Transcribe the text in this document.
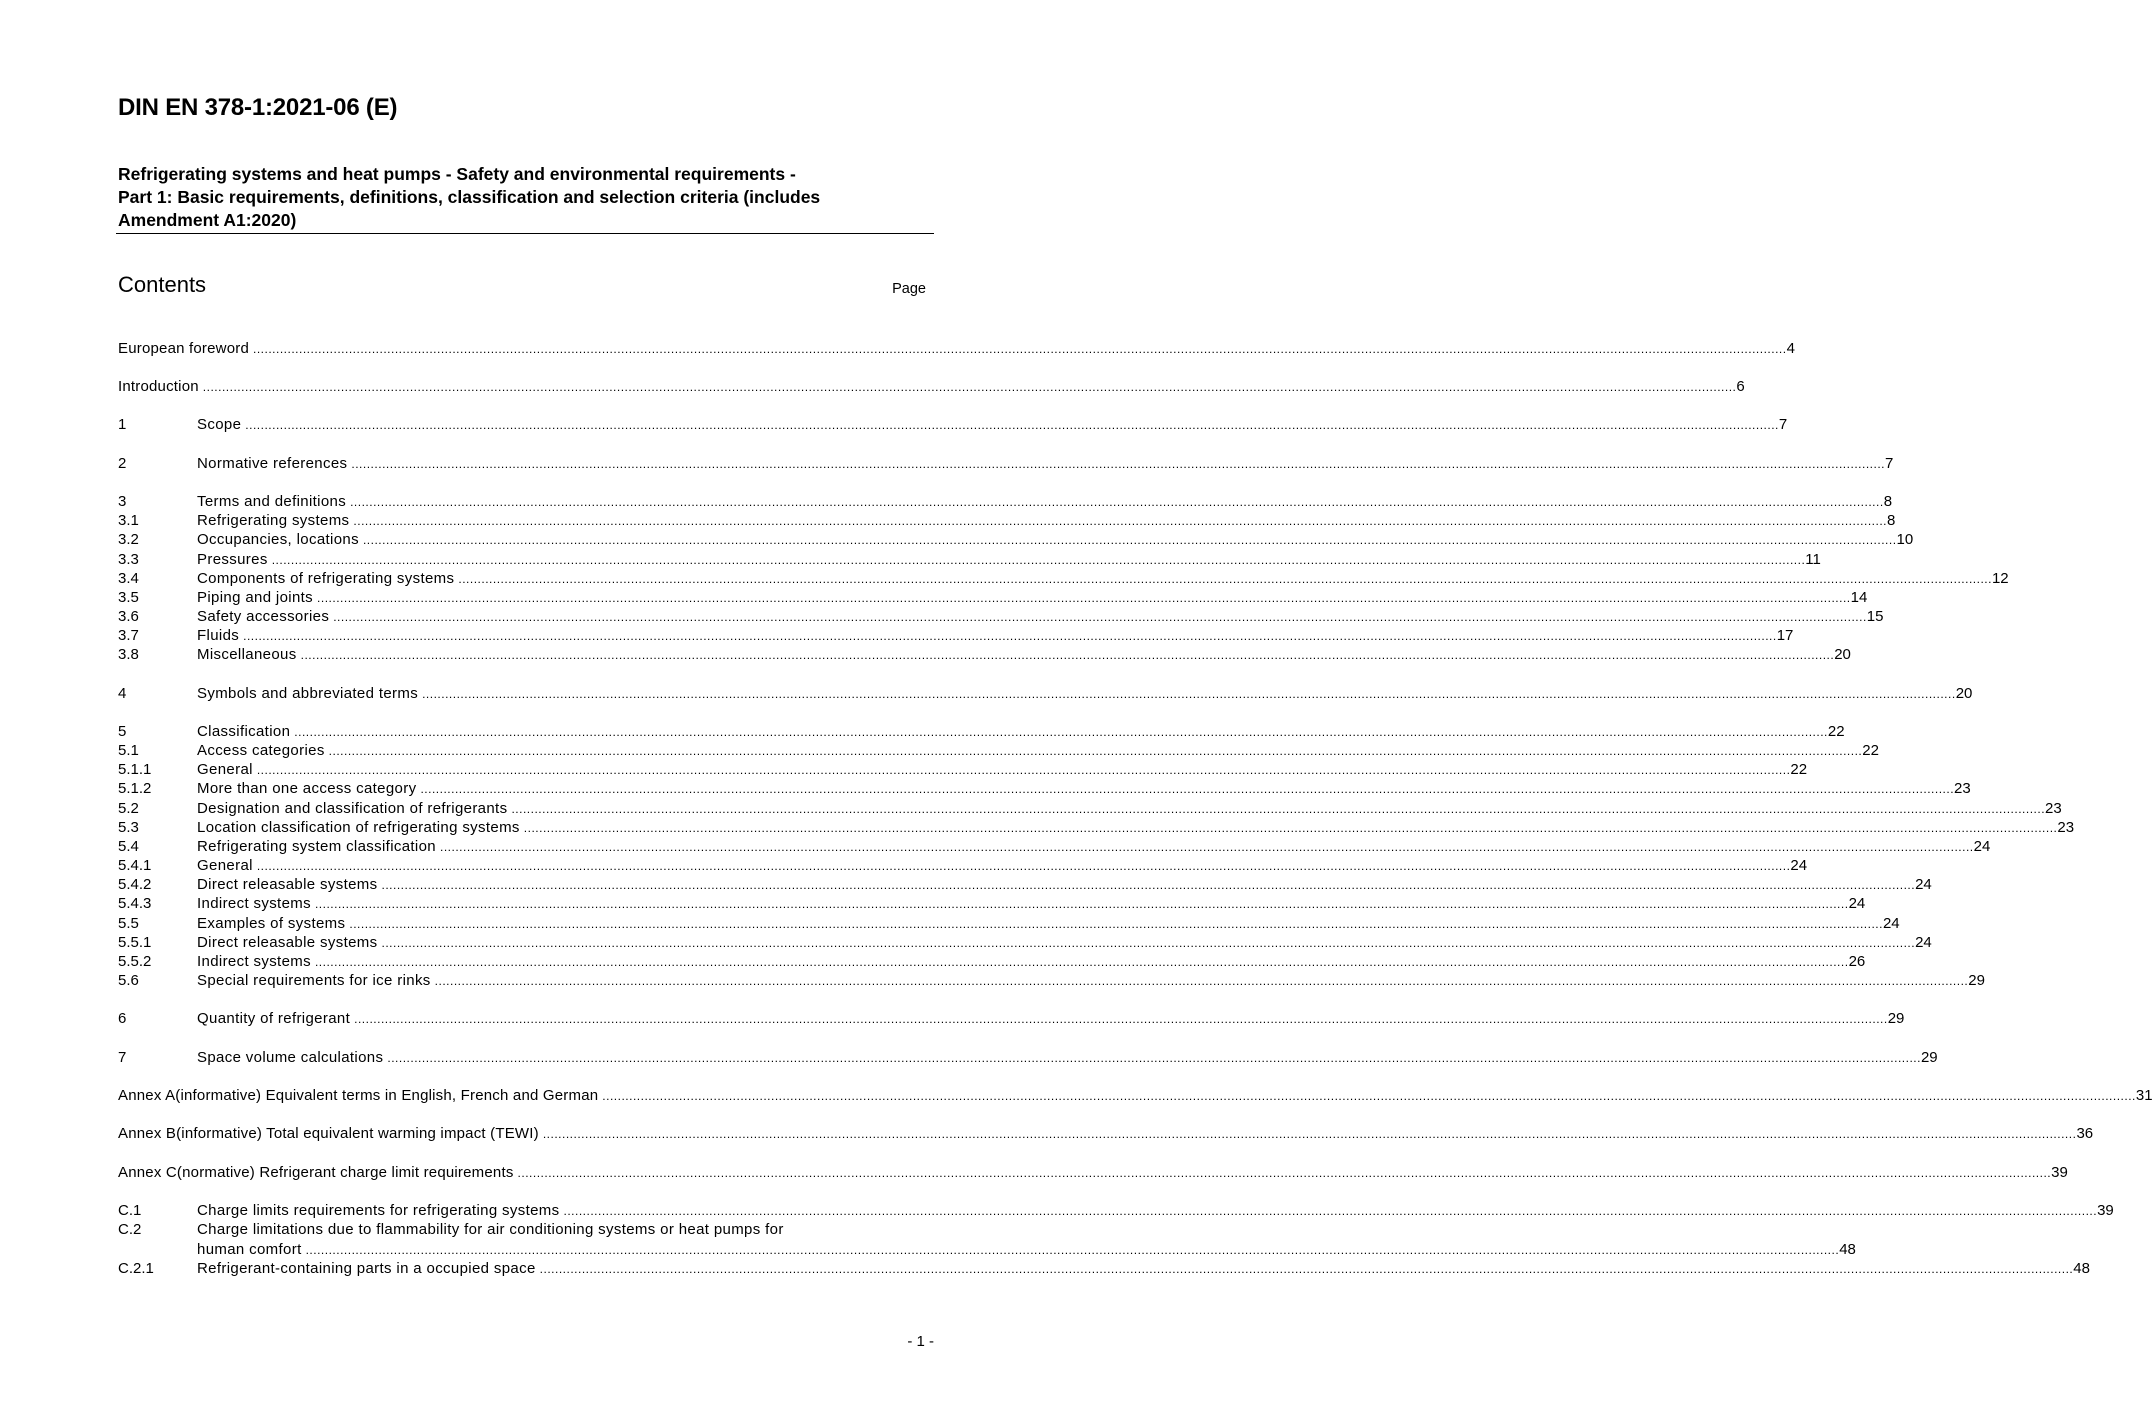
DIN EN 378-1:2021-06 (E)
Refrigerating systems and heat pumps - Safety and environmental requirements -
Part 1: Basic requirements, definitions, classification and selection criteria (includes
Amendment A1:2020)
Contents	Page
European foreword ................................................................................................................................................................................................................................................................................................................................................................................................................ 4
Introduction ................................................................................................................................................................................................................................................................................................................................................................................................................ 6
1	Scope ................................................................................................................................................................................................................................................................................................................................................................................................................ 7
2	Normative references ................................................................................................................................................................................................................................................................................................................................................................................................................ 7
3	Terms and definitions ................................................................................................................................................................................................................................................................................................................................................................................................................ 8
3.1	Refrigerating systems ................................................................................................................................................................................................................................................................................................................................................................................................................ 8
3.2	Occupancies, locations ................................................................................................................................................................................................................................................................................................................................................................................................................ 10
3.3	Pressures ................................................................................................................................................................................................................................................................................................................................................................................................................ 11
3.4	Components of refrigerating systems ................................................................................................................................................................................................................................................................................................................................................................................................................ 12
3.5	Piping and joints ................................................................................................................................................................................................................................................................................................................................................................................................................ 14
3.6	Safety accessories ................................................................................................................................................................................................................................................................................................................................................................................................................ 15
3.7	Fluids ................................................................................................................................................................................................................................................................................................................................................................................................................ 17
3.8	Miscellaneous ................................................................................................................................................................................................................................................................................................................................................................................................................ 20
4	Symbols and abbreviated terms ................................................................................................................................................................................................................................................................................................................................................................................................................ 20
5	Classification ................................................................................................................................................................................................................................................................................................................................................................................................................ 22
5.1	Access categories ................................................................................................................................................................................................................................................................................................................................................................................................................ 22
5.1.1	General ................................................................................................................................................................................................................................................................................................................................................................................................................ 22
5.1.2	More than one access category ................................................................................................................................................................................................................................................................................................................................................................................................................ 23
5.2	Designation and classification of refrigerants ................................................................................................................................................................................................................................................................................................................................................................................................................ 23
5.3	Location classification of refrigerating systems ................................................................................................................................................................................................................................................................................................................................................................................................................ 23
5.4	Refrigerating system classification ................................................................................................................................................................................................................................................................................................................................................................................................................ 24
5.4.1	General ................................................................................................................................................................................................................................................................................................................................................................................................................ 24
5.4.2	Direct releasable systems ................................................................................................................................................................................................................................................................................................................................................................................................................ 24
5.4.3	Indirect systems ................................................................................................................................................................................................................................................................................................................................................................................................................ 24
5.5	Examples of systems ................................................................................................................................................................................................................................................................................................................................................................................................................ 24
5.5.1	Direct releasable systems ................................................................................................................................................................................................................................................................................................................................................................................................................ 24
5.5.2	Indirect systems ................................................................................................................................................................................................................................................................................................................................................................................................................ 26
5.6	Special requirements for ice rinks ................................................................................................................................................................................................................................................................................................................................................................................................................ 29
6	Quantity of refrigerant ................................................................................................................................................................................................................................................................................................................................................................................................................ 29
7	Space volume calculations ................................................................................................................................................................................................................................................................................................................................................................................................................ 29
Annex A(informative) Equivalent terms in English, French and German ................................................................................................................................................................................................................................................................................................................................................................................................................ 31
Annex B(informative) Total equivalent warming impact (TEWI) ................................................................................................................................................................................................................................................................................................................................................................................................................ 36
Annex C(normative) Refrigerant charge limit requirements ................................................................................................................................................................................................................................................................................................................................................................................................................ 39
C.1	Charge limits requirements for refrigerating systems ................................................................................................................................................................................................................................................................................................................................................................................................................ 39
C.2	Charge limitations due to flammability for air conditioning systems or heat pumps for
human comfort ................................................................................................................................................................................................................................................................................................................................................................................................................ 48
C.2.1	Refrigerant-containing parts in a occupied space ................................................................................................................................................................................................................................................................................................................................................................................................................ 48
- 1 -
